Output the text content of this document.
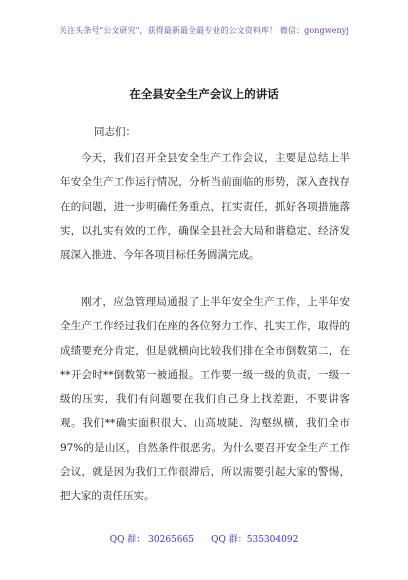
关注头条号"公文研究"，获得最新最全最专业的公文资料库！ 微信：gongwenyj
在全县安全生产会议上的讲话
同志们：

今天，我们召开全县安全生产工作会议，主要是总结上半年安全生产工作运行情况，分析当前面临的形势，深入查找存在的问题，进一步明确任务重点，扛实责任，抓好各项措施落实，以扎实有效的工作，确保全县社会大局和谐稳定、经济发展深入推进、今年各项目标任务圆满完成。

刚才，应急管理局通报了上半年安全生产工作，上半年安全生产工作经过我们在座的各位努力工作、扎实工作，取得的成绩要充分肯定，但是就横向比较我们排在全市倒数第二，在**开会时**倒数第一被通报。工作要一级一级的负责，一级一级的压实，我们有问题要在我们自己身上找差距，不要讲客观。我们**确实面积很大、山高坡陡、沟壑纵横，我们全市97%的是山区，自然条件很恶劣。为什么要召开安全生产工作会议，就是因为我们工作很滞后，所以需要引起大家的警惕，把大家的责任压实。

QQ 群： 30265665      QQ 群：535304092
